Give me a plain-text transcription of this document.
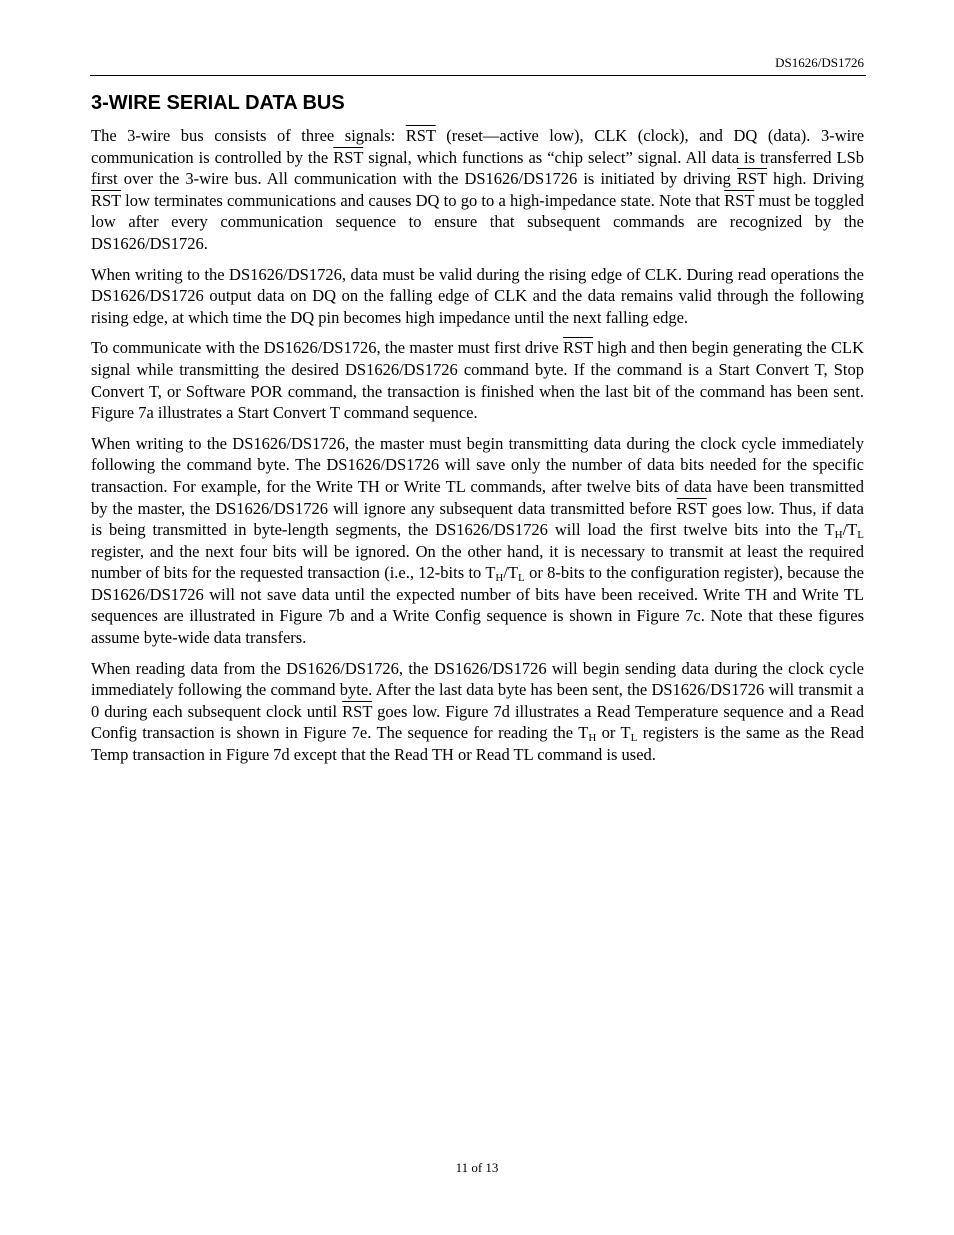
DS1626/DS1726
3-WIRE SERIAL DATA BUS

The 3-wire bus consists of three signals: $\overline{RST}$ (reset—active low), CLK (clock), and DQ (data). 3-wire communication is controlled by the $\overline{RST}$ signal, which functions as “chip select” signal. All data is transferred LSb first over the 3-wire bus. All communication with the DS1626/DS1726 is initiated by driving $\overline{RST}$ high. Driving $\overline{RST}$ low terminates communications and causes DQ to go to a high-impedance state. Note that $\overline{RST}$ must be toggled low after every communication sequence to ensure that subsequent commands are recognized by the DS1626/DS1726.

When writing to the DS1626/DS1726, data must be valid during the rising edge of CLK. During read operations the DS1626/DS1726 output data on DQ on the falling edge of CLK and the data remains valid through the following rising edge, at which time the DQ pin becomes high impedance until the next falling edge.

To communicate with the DS1626/DS1726, the master must first drive $\overline{RST}$ high and then begin generating the CLK signal while transmitting the desired DS1626/DS1726 command byte. If the command is a Start Convert T, Stop Convert T, or Software POR command, the transaction is finished when the last bit of the command has been sent. Figure 7a illustrates a Start Convert T command sequence.

When writing to the DS1626/DS1726, the master must begin transmitting data during the clock cycle immediately following the command byte. The DS1626/DS1726 will save only the number of data bits needed for the specific transaction. For example, for the Write TH or Write TL commands, after twelve bits of data have been transmitted by the master, the DS1626/DS1726 will ignore any subsequent data transmitted before $\overline{RST}$ goes low. Thus, if data is being transmitted in byte-length segments, the DS1626/DS1726 will load the first twelve bits into the $T_H/T_L$ register, and the next four bits will be ignored. On the other hand, it is necessary to transmit at least the required number of bits for the requested transaction (i.e., 12-bits to $T_H/T_L$ or 8-bits to the configuration register), because the DS1626/DS1726 will not save data until the expected number of bits have been received. Write TH and Write TL sequences are illustrated in Figure 7b and a Write Config sequence is shown in Figure 7c. Note that these figures assume byte-wide data transfers.

When reading data from the DS1626/DS1726, the DS1626/DS1726 will begin sending data during the clock cycle immediately following the command byte. After the last data byte has been sent, the DS1626/DS1726 will transmit a 0 during each subsequent clock until $\overline{RST}$ goes low. Figure 7d illustrates a Read Temperature sequence and a Read Config transaction is shown in Figure 7e. The sequence for reading the $T_H$ or $T_L$ registers is the same as the Read Temp transaction in Figure 7d except that the Read TH or Read TL command is used.

11 of 13
